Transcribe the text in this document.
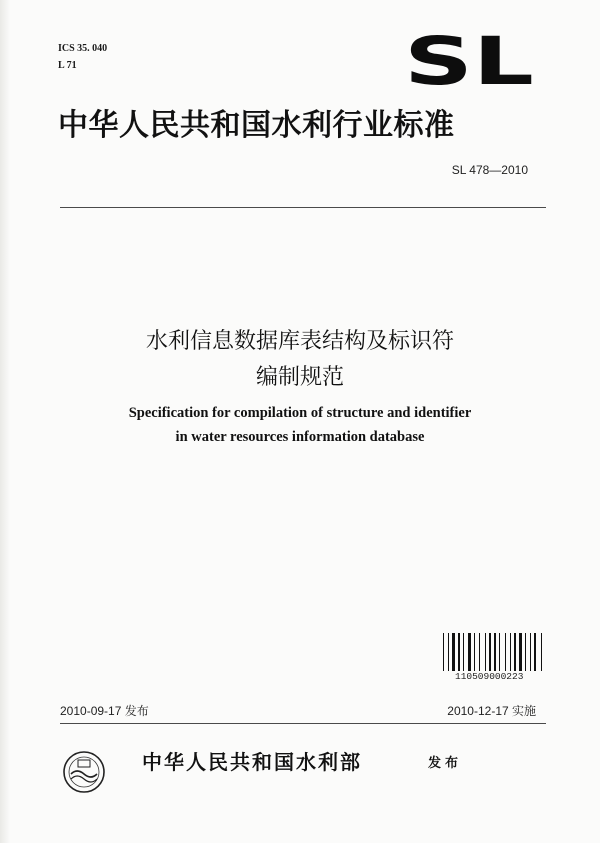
ICS 35. 040
L 71	SL
中华人民共和国水利行业标准
SL 478—2010
水利信息数据库表结构及标识符
编制规范
Specification for compilation of structure and identifier
in water resources information database
110509000223
2010-09-17 发布	2010-12-17 实施
中华人民共和国水利部	发布
